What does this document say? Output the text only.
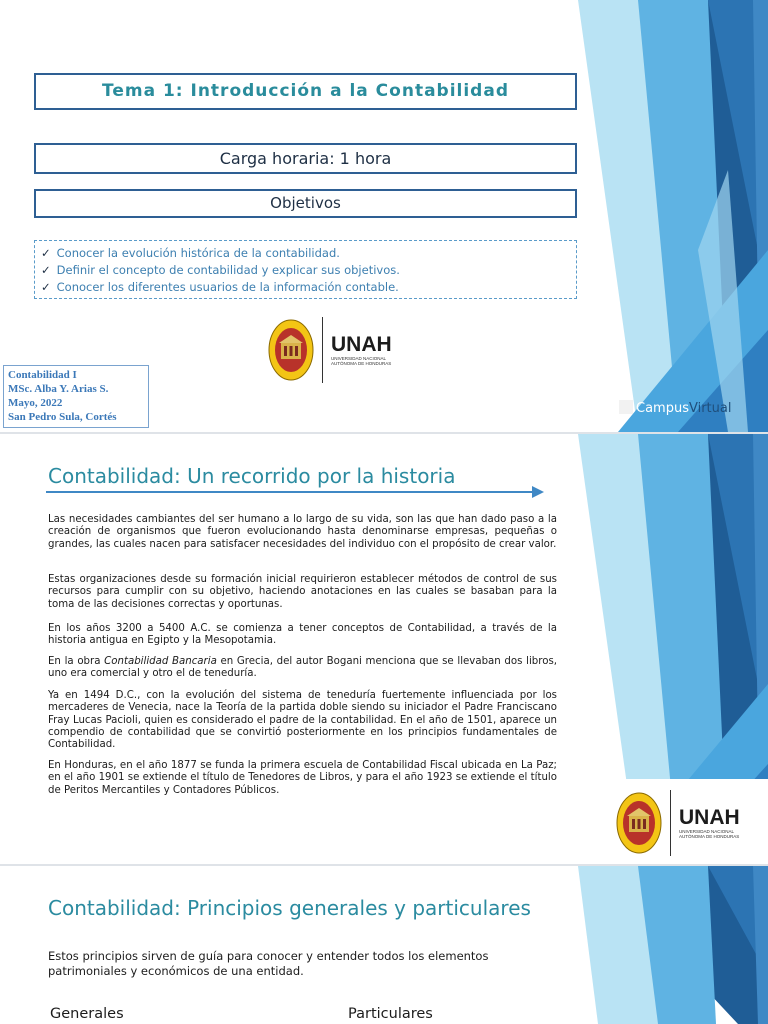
Tema 1: Introducción a la Contabilidad
Carga horaria: 1 hora
Objetivos
✓ Conocer la evolución histórica de la contabilidad.
✓ Definir el concepto de contabilidad y explicar sus objetivos.
✓ Conocer los diferentes usuarios de la información contable.
UNAH
UNIVERSIDAD NACIONAL
AUTÓNOMA DE HONDURAS
Contabilidad I
MSc. Alba Y. Arias S.
Mayo, 2022
San Pedro Sula, Cortés
CampusVirtual
Contabilidad: Un recorrido por la historia

Las necesidades cambiantes del ser humano a lo largo de su vida, son las que han dado paso a la creación de organismos que fueron evolucionando hasta denominarse empresas, pequeñas o grandes, las cuales nacen para satisfacer necesidades del individuo con el propósito de crear valor.

Estas organizaciones desde su formación inicial requirieron establecer métodos de control de sus recursos para cumplir con su objetivo, haciendo anotaciones en las cuales se basaban para la toma de las decisiones correctas y oportunas.

En los años 3200 a 5400 A.C. se comienza a tener conceptos de Contabilidad, a través de la historia antigua en Egipto y la Mesopotamia.

En la obra Contabilidad Bancaria en Grecia, del autor Bogani menciona que se llevaban dos libros, uno era comercial y otro el de teneduría.

Ya en 1494 D.C., con la evolución del sistema de teneduría fuertemente influenciada por los mercaderes de Venecia, nace la Teoría de la partida doble siendo su iniciador el Padre Franciscano Fray Lucas Pacioli, quien es considerado el padre de la contabilidad. En el año de 1501, aparece un compendio de contabilidad que se convirtió posteriormente en los principios fundamentales de Contabilidad.

En Honduras, en el año 1877 se funda la primera escuela de Contabilidad Fiscal ubicada en La Paz; en el año 1901 se extiende el título de Tenedores de Libros, y para el año 1923 se extiende el título de Peritos Mercantiles y Contadores Públicos.

UNAH
UNIVERSIDAD NACIONAL
AUTÓNOMA DE HONDURAS
Contabilidad: Principios generales y particulares
Estos principios sirven de guía para conocer y entender todos los elementos patrimoniales y económicos de una entidad.
Generales	Particulares
